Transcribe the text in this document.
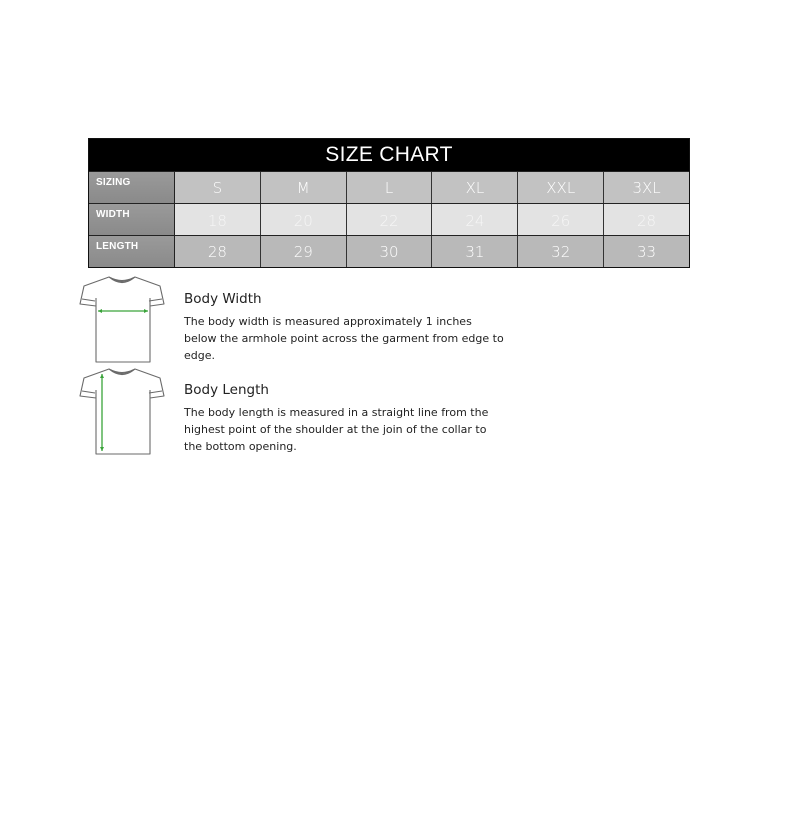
SIZE CHART
SIZING	S	M	L	XL	XXL	3XL
WIDTH	18	20	22	24	26	28
LENGTH	28	29	30	31	32	33
Body Width

The body width is measured approximately 1 inches below the armhole point across the garment from edge to edge.

Body Length

The body length is measured in a straight line from the highest point of the shoulder at the join of the collar to the bottom opening.
